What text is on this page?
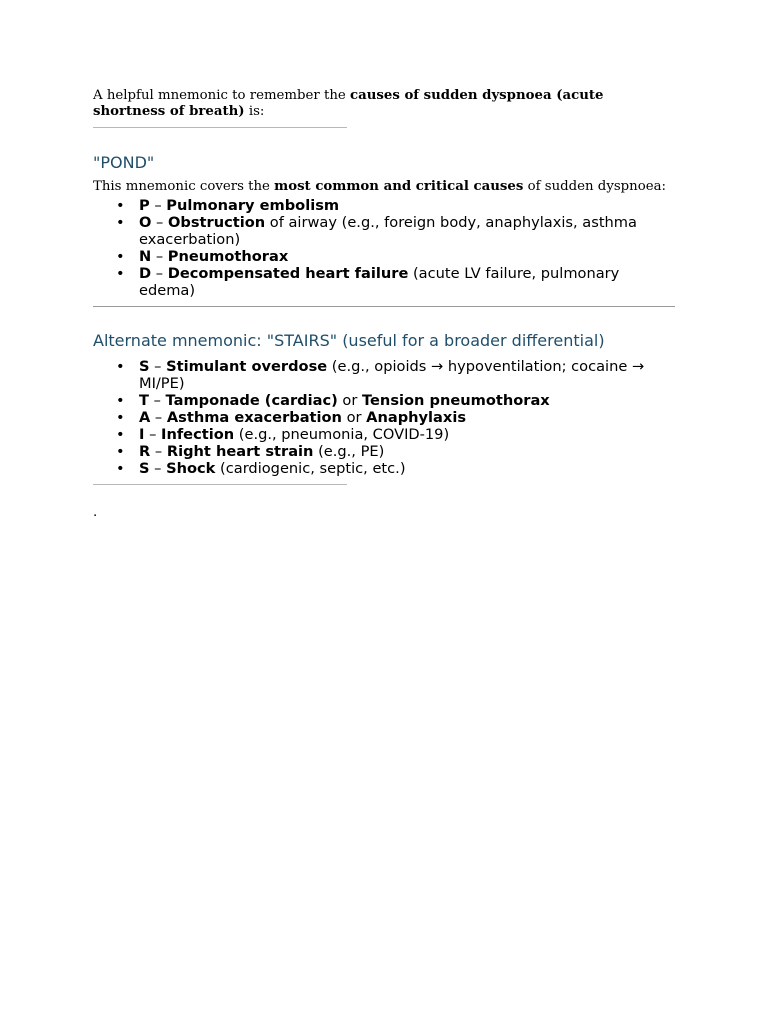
A helpful mnemonic to remember the causes of sudden dyspnoea (acute shortness of breath) is:

"POND"

This mnemonic covers the most common and critical causes of sudden dyspnoea:

• P – Pulmonary embolism
• O – Obstruction of airway (e.g., foreign body, anaphylaxis, asthma exacerbation)
• N – Pneumothorax
• D – Decompensated heart failure (acute LV failure, pulmonary edema)
Alternate mnemonic: "STAIRS" (useful for a broader differential)
• S – Stimulant overdose (e.g., opioids → hypoventilation; cocaine → MI/PE)
• T – Tamponade (cardiac) or Tension pneumothorax
• A – Asthma exacerbation or Anaphylaxis
• I – Infection (e.g., pneumonia, COVID-19)
• R – Right heart strain (e.g., PE)
• S – Shock (cardiogenic, septic, etc.)
.
